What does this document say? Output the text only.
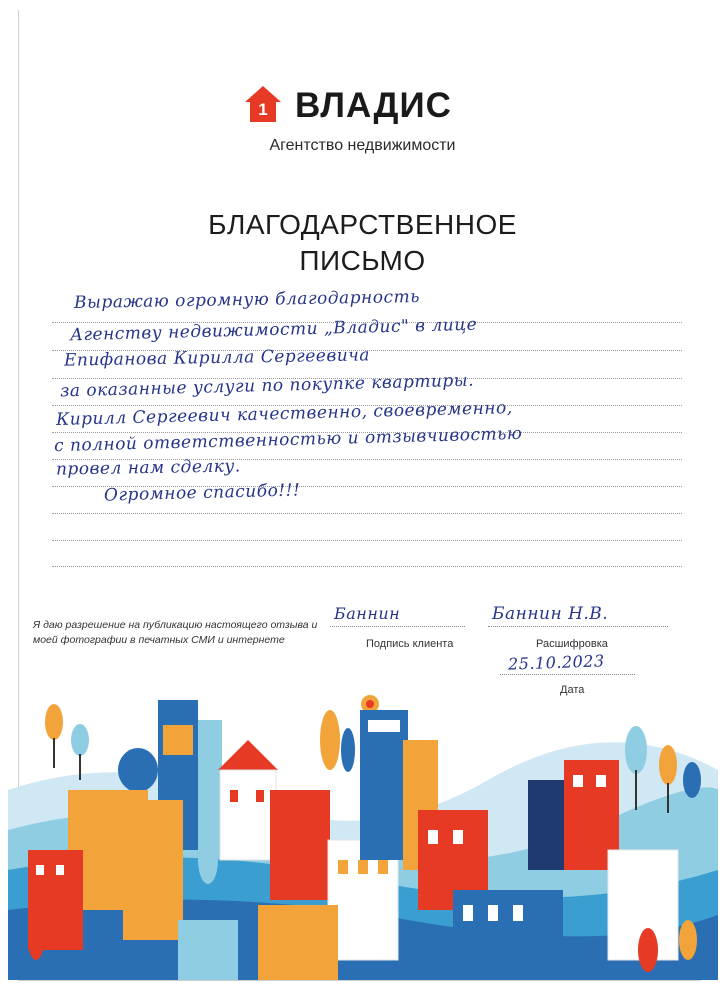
1 ВЛАДИС
Агентство недвижимости
БЛАГОДАРСТВЕННОЕ
ПИСЬМО
Выражаю огромную благодарность
Агенству недвижимости „Владис" в лице
Епифанова Кирилла Сергеевича
за оказанные услуги по покупке квартиры.
Кирилл Сергеевич качественно, своевременно,
с полной ответственностью и отзывчивостью
провел нам сделку.
Огромное спасибо!!!
Я даю разрешение на публикацию настоящего отзыва и моей фотографии в печатных СМИ и интернете
Баннин
Подпись клиента
Баннин Н.В.
Расшифровка
25.10.2023
Дата
